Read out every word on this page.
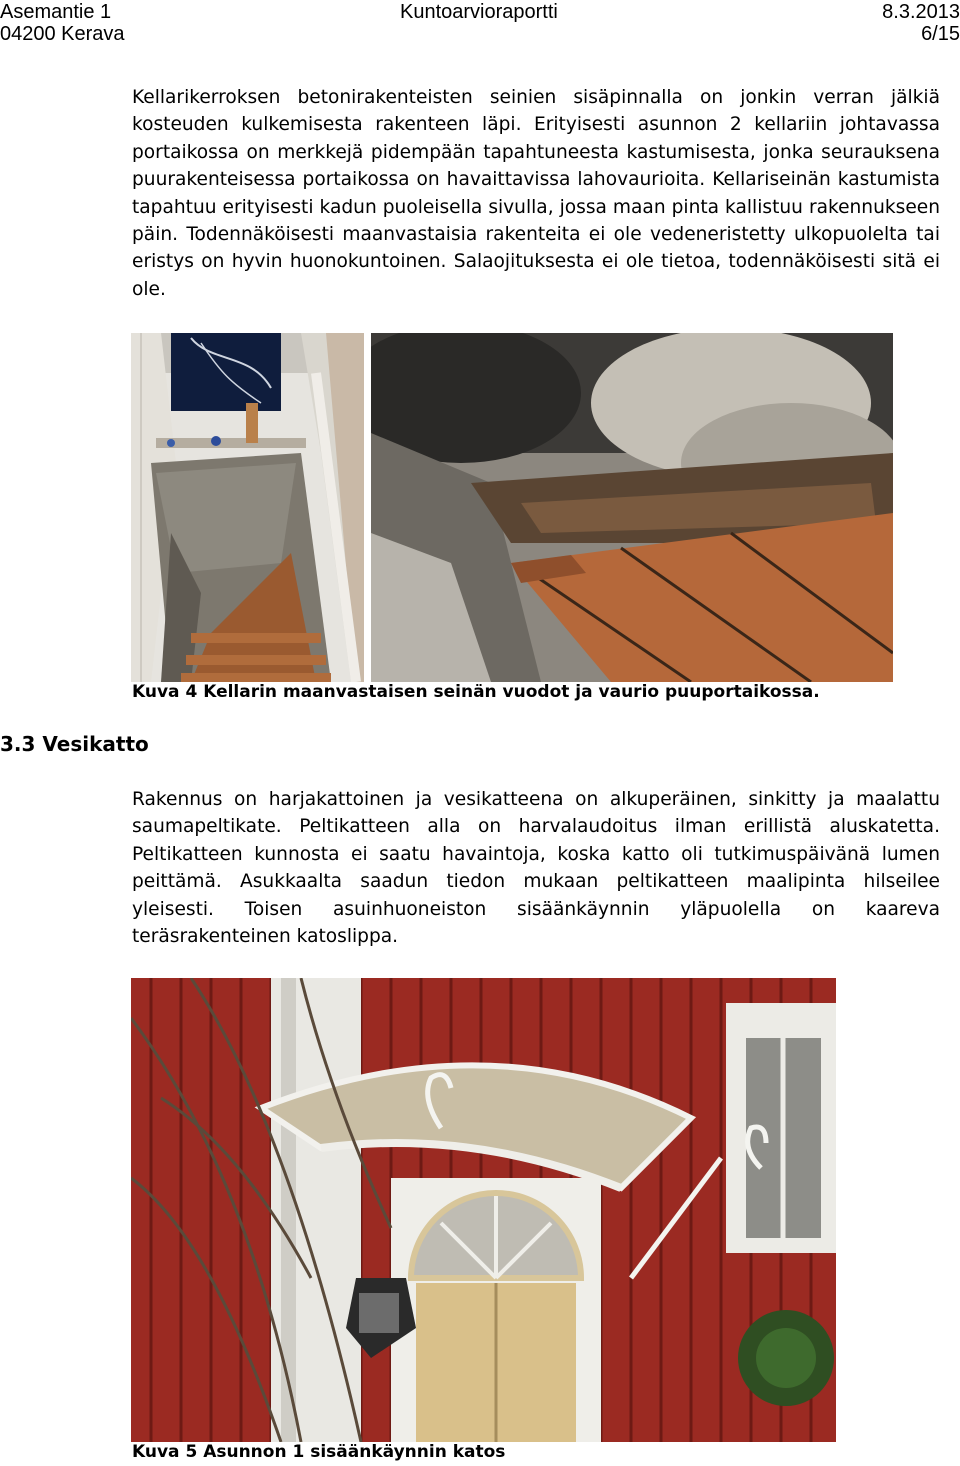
Asemantie 1
04200 Kerava
Kuntoarvioraportti	8.3.2013
6/15

Kellarikerroksen betonirakenteisten seinien sisäpinnalla on jonkin verran jälkiä kosteuden kulkemisesta rakenteen läpi. Erityisesti asunnon 2 kellariin johtavassa portaikossa on merkkejä pidempään tapahtuneesta kastumisesta, jonka seurauksena puurakenteisessa portaikossa on havaittavissa lahovaurioita. Kellariseinän kastumista tapahtuu erityisesti kadun puoleisella sivulla, jossa maan pinta kallistuu rakennukseen päin. Todennäköisesti maanvastaisia rakenteita ei ole vedeneristetty ulkopuolelta tai eristys on hyvin huonokuntoinen. Salaojituksesta ei ole tietoa, todennäköisesti sitä ei ole.

Kuva 4 Kellarin maanvastaisen seinän vuodot ja vaurio puuportaikossa.
3.3 Vesikatto

Rakennus on harjakattoinen ja vesikatteena on alkuperäinen, sinkitty ja maalattu saumapeltikate. Peltikatteen alla on harvalaudoitus ilman erillistä aluskatetta. Peltikatteen kunnosta ei saatu havaintoja, koska katto oli tutkimuspäivänä lumen peittämä. Asukkaalta saadun tiedon mukaan peltikatteen maalipinta hilseilee yleisesti. Toisen asuinhuoneiston sisäänkäynnin yläpuolella on kaareva teräsrakenteinen katoslippa.

Kuva 5 Asunnon 1 sisäänkäynnin katos
